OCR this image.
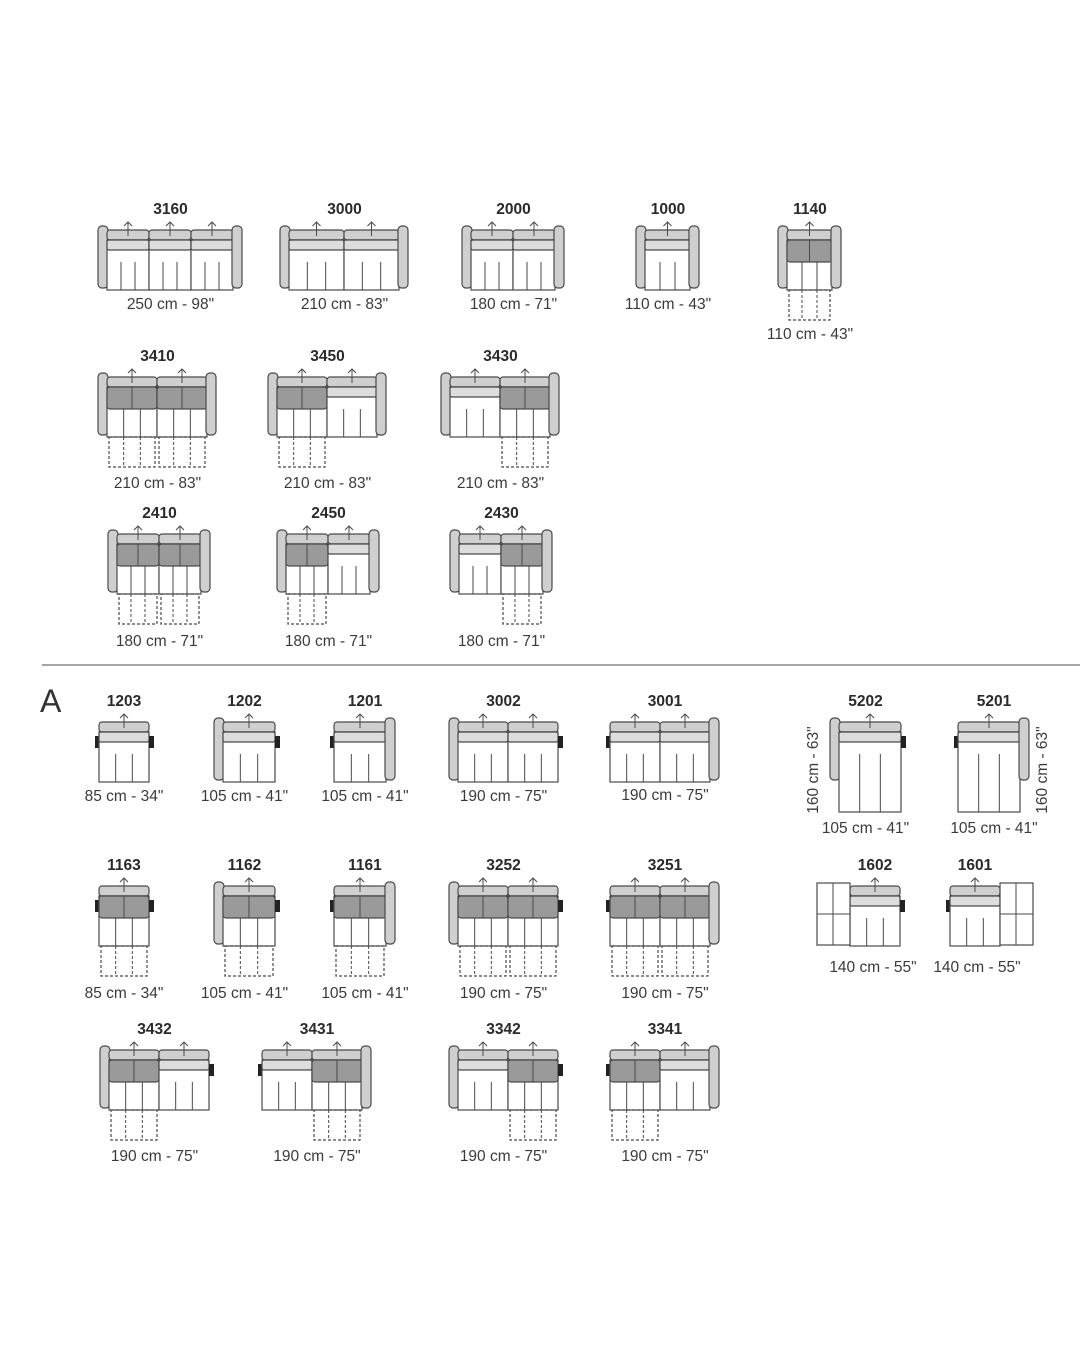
A
3160
250 cm - 98"
3000
210 cm - 83"
2000
180 cm - 71"
1000
110 cm - 43"
1140
110 cm - 43"
3410
210 cm - 83"
3450
210 cm - 83"
3430
210 cm - 83"
2410
180 cm - 71"
2450
180 cm - 71"
2430
180 cm - 71"
1203
85 cm - 34"
1202
105 cm - 41"
1201
105 cm - 41"
3002
190 cm - 75"
3001
190 cm - 75"
5202
105 cm - 41"
160 cm - 63"
5201
105 cm - 41"
160 cm - 63"
1163
85 cm - 34"
1162
105 cm - 41"
1161
105 cm - 41"
3252
190 cm - 75"
3251
190 cm - 75"
1602
140 cm - 55"
1601
140 cm - 55"
3432
190 cm - 75"
3431
190 cm - 75"
3342
190 cm - 75"
3341
190 cm - 75"
